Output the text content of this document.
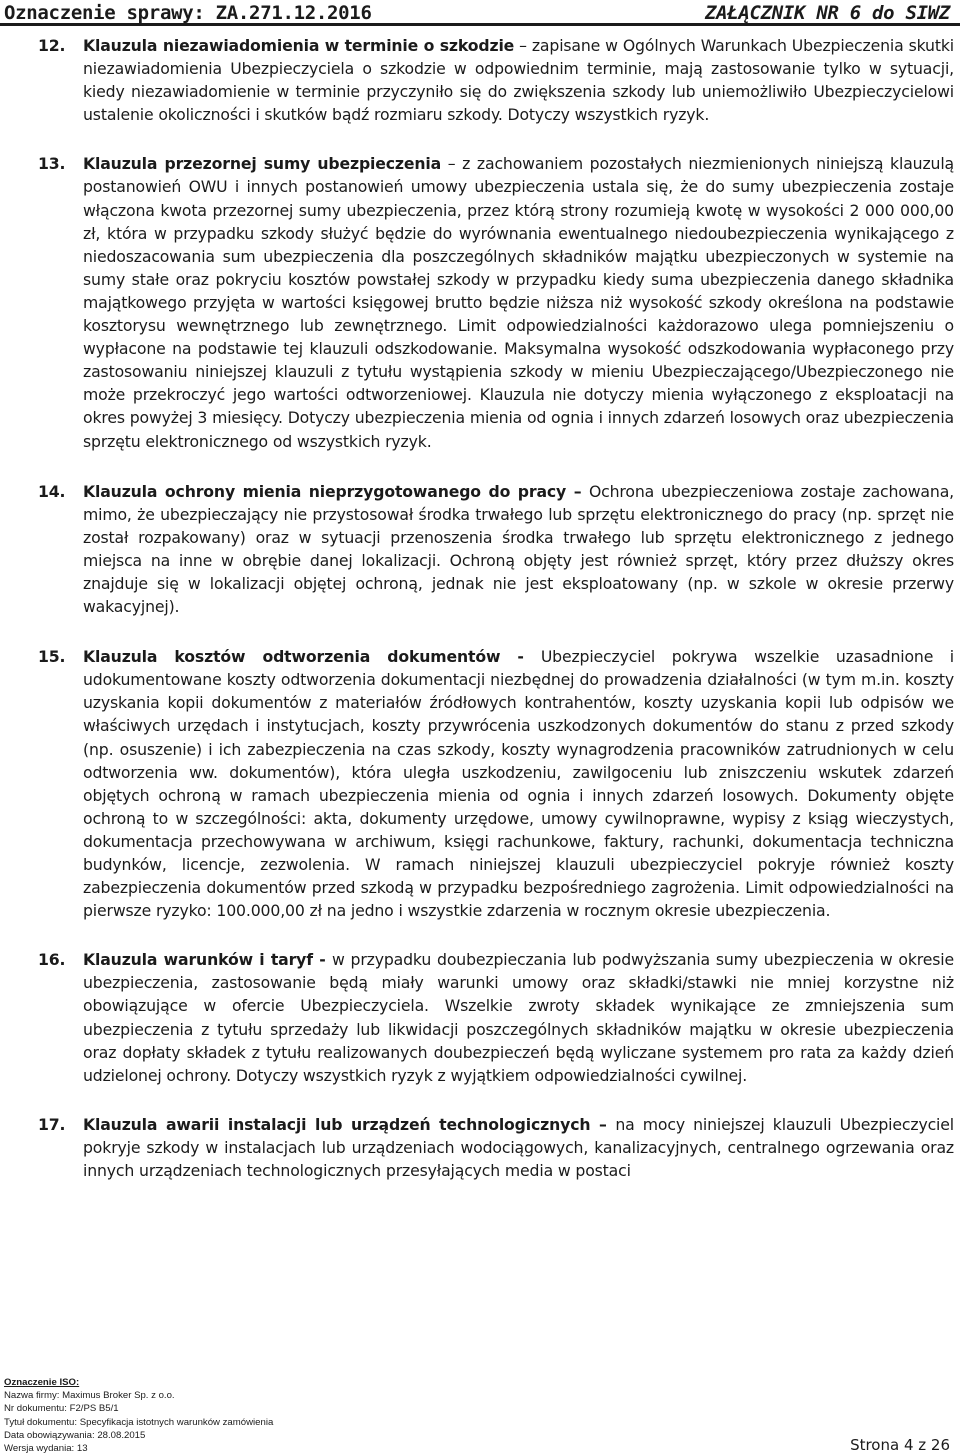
Oznaczenie sprawy: ZA.271.12.2016	ZAŁĄCZNIK NR 6 do SIWZ
12. Klauzula niezawiadomienia w terminie o szkodzie – zapisane w Ogólnych Warunkach Ubezpieczenia skutki niezawiadomienia Ubezpieczyciela o szkodzie w odpowiednim terminie, mają zastosowanie tylko w sytuacji, kiedy niezawiadomienie w terminie przyczyniło się do zwiększenia szkody lub uniemożliwiło Ubezpieczycielowi ustalenie okoliczności i skutków bądź rozmiaru szkody. Dotyczy wszystkich ryzyk.
13. Klauzula przezornej sumy ubezpieczenia – z zachowaniem pozostałych niezmienionych niniejszą klauzulą postanowień OWU i innych postanowień umowy ubezpieczenia ustala się, że do sumy ubezpieczenia zostaje włączona kwota przezornej sumy ubezpieczenia, przez którą strony rozumieją kwotę w wysokości 2 000 000,00 zł, która w przypadku szkody służyć będzie do wyrównania ewentualnego niedoubezpieczenia wynikającego z niedoszacowania sum ubezpieczenia dla poszczególnych składników majątku ubezpieczonych w systemie na sumy stałe oraz pokryciu kosztów powstałej szkody w przypadku kiedy suma ubezpieczenia danego składnika majątkowego przyjęta w wartości księgowej brutto będzie niższa niż wysokość szkody określona na podstawie kosztorysu wewnętrznego lub zewnętrznego. Limit odpowiedzialności każdorazowo ulega pomniejszeniu o wypłacone na podstawie tej klauzuli odszkodowanie. Maksymalna wysokość odszkodowania wypłaconego przy zastosowaniu niniejszej klauzuli z tytułu wystąpienia szkody w mieniu Ubezpieczającego/Ubezpieczonego nie może przekroczyć jego wartości odtworzeniowej. Klauzula nie dotyczy mienia wyłączonego z eksploatacji na okres powyżej 3 miesięcy. Dotyczy ubezpieczenia mienia od ognia i innych zdarzeń losowych oraz ubezpieczenia sprzętu elektronicznego od wszystkich ryzyk.
14. Klauzula ochrony mienia nieprzygotowanego do pracy – Ochrona ubezpieczeniowa zostaje zachowana, mimo, że ubezpieczający nie przystosował środka trwałego lub sprzętu elektronicznego do pracy (np. sprzęt nie został rozpakowany) oraz w sytuacji przenoszenia środka trwałego lub sprzętu elektronicznego z jednego miejsca na inne w obrębie danej lokalizacji. Ochroną objęty jest również sprzęt, który przez dłuższy okres znajduje się w lokalizacji objętej ochroną, jednak nie jest eksploatowany (np. w szkole w okresie przerwy wakacyjnej).
15. Klauzula kosztów odtworzenia dokumentów - Ubezpieczyciel pokrywa wszelkie uzasadnione i udokumentowane koszty odtworzenia dokumentacji niezbędnej do prowadzenia działalności (w tym m.in. koszty uzyskania kopii dokumentów z materiałów źródłowych kontrahentów, koszty uzyskania kopii lub odpisów we właściwych urzędach i instytucjach, koszty przywrócenia uszkodzonych dokumentów do stanu z przed szkody (np. osuszenie) i ich zabezpieczenia na czas szkody, koszty wynagrodzenia pracowników zatrudnionych w celu odtworzenia ww. dokumentów), która uległa uszkodzeniu, zawilgoceniu lub zniszczeniu wskutek zdarzeń objętych ochroną w ramach ubezpieczenia mienia od ognia i innych zdarzeń losowych. Dokumenty objęte ochroną to w szczególności: akta, dokumenty urzędowe, umowy cywilnoprawne, wypisy z ksiąg wieczystych, dokumentacja przechowywana w archiwum, księgi rachunkowe, faktury, rachunki, dokumentacja techniczna budynków, licencje, zezwolenia. W ramach niniejszej klauzuli ubezpieczyciel pokryje również koszty zabezpieczenia dokumentów przed szkodą w przypadku bezpośredniego zagrożenia. Limit odpowiedzialności na pierwsze ryzyko: 100.000,00 zł na jedno i wszystkie zdarzenia w rocznym okresie ubezpieczenia.
16. Klauzula warunków i taryf - w przypadku doubezpieczania lub podwyższania sumy ubezpieczenia w okresie ubezpieczenia, zastosowanie będą miały warunki umowy oraz składki/stawki nie mniej korzystne niż obowiązujące w ofercie Ubezpieczyciela. Wszelkie zwroty składek wynikające ze zmniejszenia sum ubezpieczenia z tytułu sprzedaży lub likwidacji poszczególnych składników majątku w okresie ubezpieczenia oraz dopłaty składek z tytułu realizowanych doubezpieczeń będą wyliczane systemem pro rata za każdy dzień udzielonej ochrony. Dotyczy wszystkich ryzyk z wyjątkiem odpowiedzialności cywilnej.
17. Klauzula awarii instalacji lub urządzeń technologicznych – na mocy niniejszej klauzuli Ubezpieczyciel pokryje szkody w instalacjach lub urządzeniach wodociągowych, kanalizacyjnych, centralnego ogrzewania oraz innych urządzeniach technologicznych przesyłających media w postaci
Oznaczenie ISO:
Nazwa firmy: Maximus Broker Sp. z o.o.
Nr dokumentu: F2/PS B5/1
Tytuł dokumentu: Specyfikacja istotnych warunków zamówienia
Data obowiązywania: 28.08.2015
Wersja wydania: 13	Strona 4 z 26
